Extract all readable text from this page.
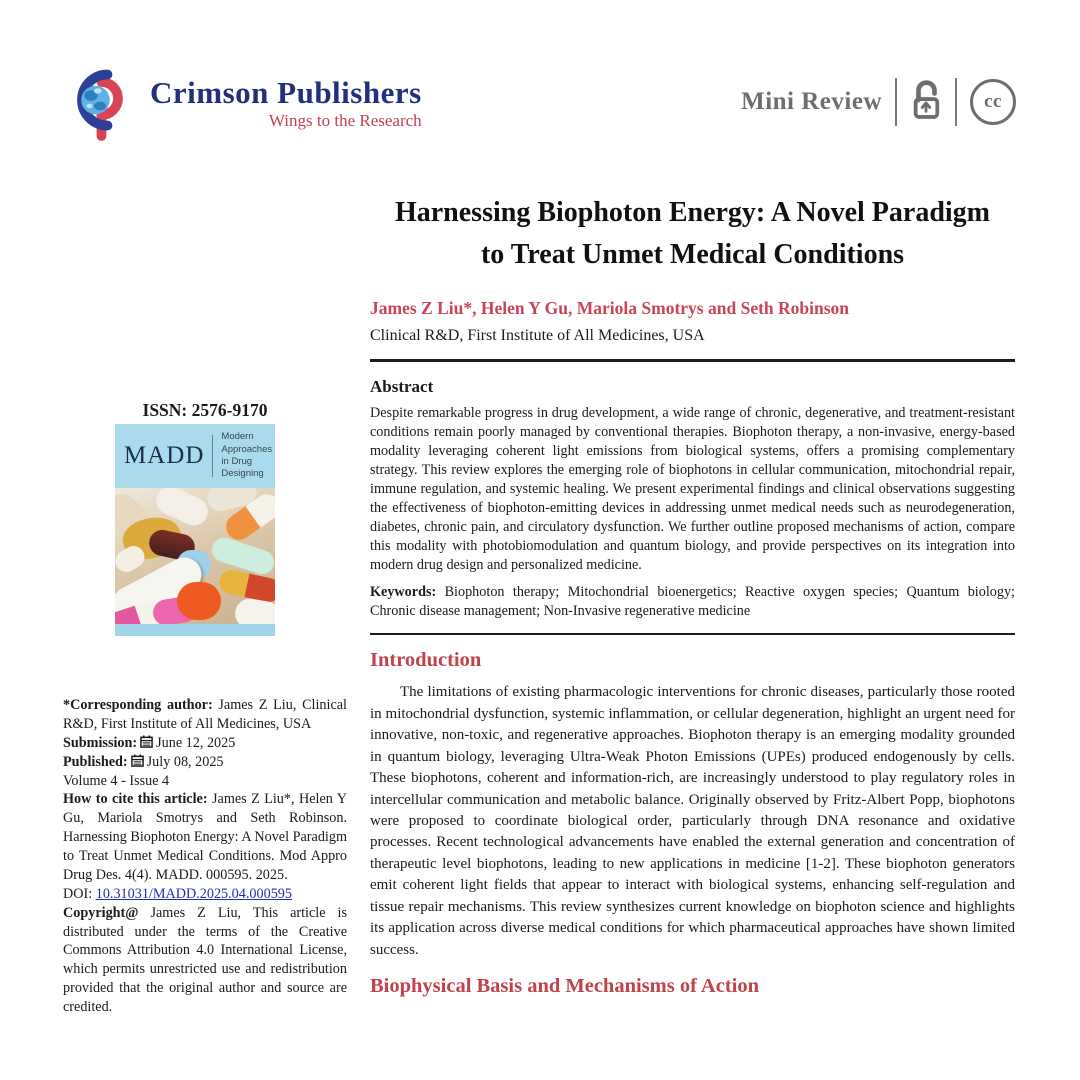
Crimson Publishers
Wings to the Research
Mini Review	cc
ISSN: 2576-9170
MADD
Modern Approaches in Drug Designing

*Corresponding author: James Z Liu, Clinical R&D, First Institute of All Medicines, USA

Submission: June 12, 2025

Published: July 08, 2025

Volume 4 - Issue 4

How to cite this article: James Z Liu*, Helen Y Gu, Mariola Smotrys and Seth Robinson. Harnessing Biophoton Energy: A Novel Paradigm to Treat Unmet Medical Conditions. Mod Appro Drug Des. 4(4). MADD. 000595. 2025.
DOI: 10.31031/MADD.2025.04.000595

Copyright@ James Z Liu, This article is distributed under the terms of the Creative Commons Attribution 4.0 International License, which permits unrestricted use and redistribution provided that the original author and source are credited.

Harnessing Biophoton Energy: A Novel Paradigm
to Treat Unmet Medical Conditions
James Z Liu*, Helen Y Gu, Mariola Smotrys and Seth Robinson
Clinical R&D, First Institute of All Medicines, USA
Abstract
Despite remarkable progress in drug development, a wide range of chronic, degenerative, and treatment-resistant conditions remain poorly managed by conventional therapies. Biophoton therapy, a non-invasive, energy-based modality leveraging coherent light emissions from biological systems, offers a promising complementary strategy. This review explores the emerging role of biophotons in cellular communication, mitochondrial repair, immune regulation, and systemic healing. We present experimental findings and clinical observations suggesting the effectiveness of biophoton-emitting devices in addressing unmet medical needs such as neurodegeneration, diabetes, chronic pain, and circulatory dysfunction. We further outline proposed mechanisms of action, compare this modality with photobiomodulation and quantum biology, and provide perspectives on its integration into modern drug design and personalized medicine.
Keywords: Biophoton therapy; Mitochondrial bioenergetics; Reactive oxygen species; Quantum biology; Chronic disease management; Non-Invasive regenerative medicine
Introduction
The limitations of existing pharmacologic interventions for chronic diseases, particularly those rooted in mitochondrial dysfunction, systemic inflammation, or cellular degeneration, highlight an urgent need for innovative, non-toxic, and regenerative approaches. Biophoton therapy is an emerging modality grounded in quantum biology, leveraging Ultra-Weak Photon Emissions (UPEs) produced endogenously by cells. These biophotons, coherent and information-rich, are increasingly understood to play regulatory roles in intercellular communication and metabolic balance. Originally observed by Fritz-Albert Popp, biophotons were proposed to coordinate biological order, particularly through DNA resonance and oxidative processes. Recent technological advancements have enabled the external generation and concentration of therapeutic level biophotons, leading to new applications in medicine [1-2]. These biophoton generators emit coherent light fields that appear to interact with biological systems, enhancing self-regulation and tissue repair mechanisms. This review synthesizes current knowledge on biophoton science and highlights its application across diverse medical conditions for which pharmaceutical approaches have shown limited success.
Biophysical Basis and Mechanisms of Action
